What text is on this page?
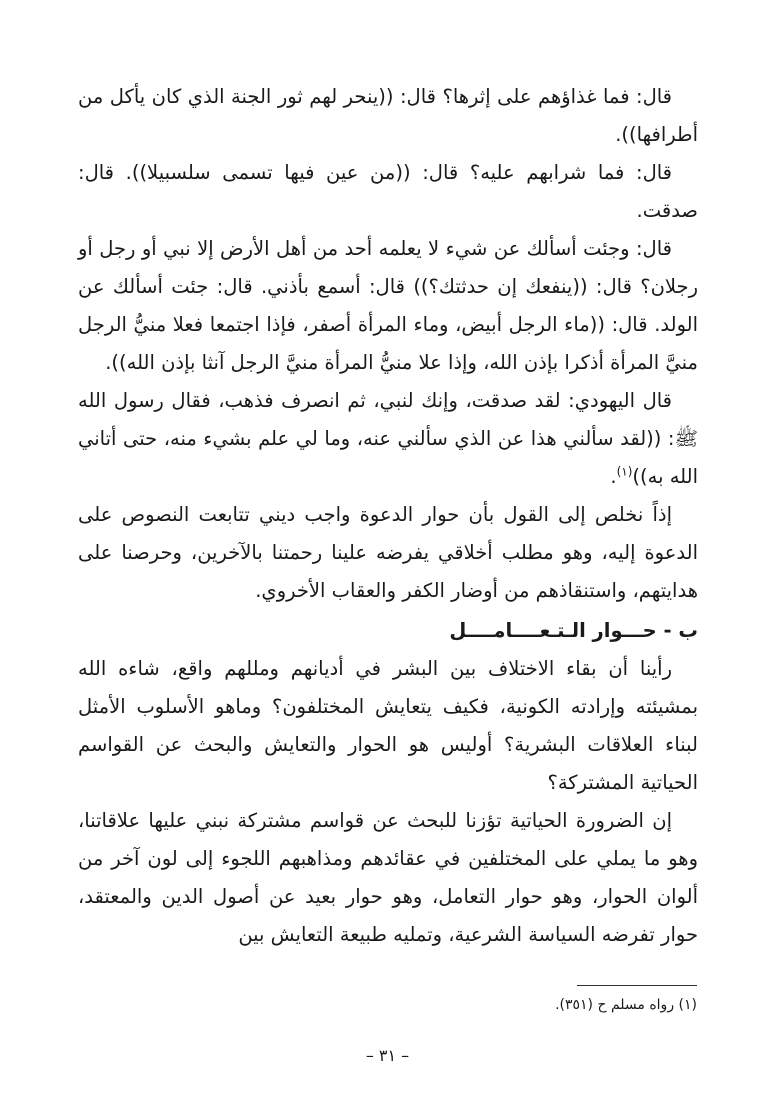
قال: فما غذاؤهم على إثرها؟ قال: ((ينحر لهم ثور الجنة الذي كان يأكل من أطرافها)).

قال: فما شرابهم عليه؟ قال: ((من عين فيها تسمى سلسبيلا)). قال: صدقت.

قال: وجئت أسألك عن شيء لا يعلمه أحد من أهل الأرض إلا نبي أو رجل أو رجلان؟ قال: ((ينفعك إن حدثتك؟)) قال: أسمع بأذني. قال: جئت أسألك عن الولد. قال: ((ماء الرجل أبيض، وماء المرأة أصفر، فإذا اجتمعا فعلا منيُّ الرجل منيَّ المرأة أذكرا بإذن الله، وإذا علا منيُّ المرأة منيَّ الرجل آنثا بإذن الله)).

قال اليهودي: لقد صدقت، وإنك لنبي، ثم انصرف فذهب، فقال رسول الله ﷺ: ((لقد سألني هذا عن الذي سألني عنه، وما لي علم بشيء منه، حتى أتاني الله به))$^{(١)}$.

إذاً نخلص إلى القول بأن حوار الدعوة واجب ديني تتابعت النصوص على الدعوة إليه، وهو مطلب أخلاقي يفرضه علينا رحمتنا بالآخرين، وحرصنا على هدايتهم، واستنقاذهم من أوضار الكفر والعقاب الأخروي.

ب - حـــوار الـتـعــــامــــل

رأينا أن بقاء الاختلاف بين البشر في أديانهم ومللهم واقع، شاءه الله بمشيئته وإرادته الكونية، فكيف يتعايش المختلفون؟ وماهو الأسلوب الأمثل لبناء العلاقات البشرية؟ أوليس هو الحوار والتعايش والبحث عن القواسم الحياتية المشتركة؟

إن الضرورة الحياتية تؤزنا للبحث عن قواسم مشتركة نبني عليها علاقاتنا، وهو ما يملي على المختلفين في عقائدهم ومذاهبهم اللجوء إلى لون آخر من ألوان الحوار، وهو حوار التعامل، وهو حوار بعيد عن أصول الدين والمعتقد، حوار تفرضه السياسة الشرعية، وتمليه طبيعة التعايش بين

(١) رواه مسلم ح (٣٥١).
– ٣١ –
